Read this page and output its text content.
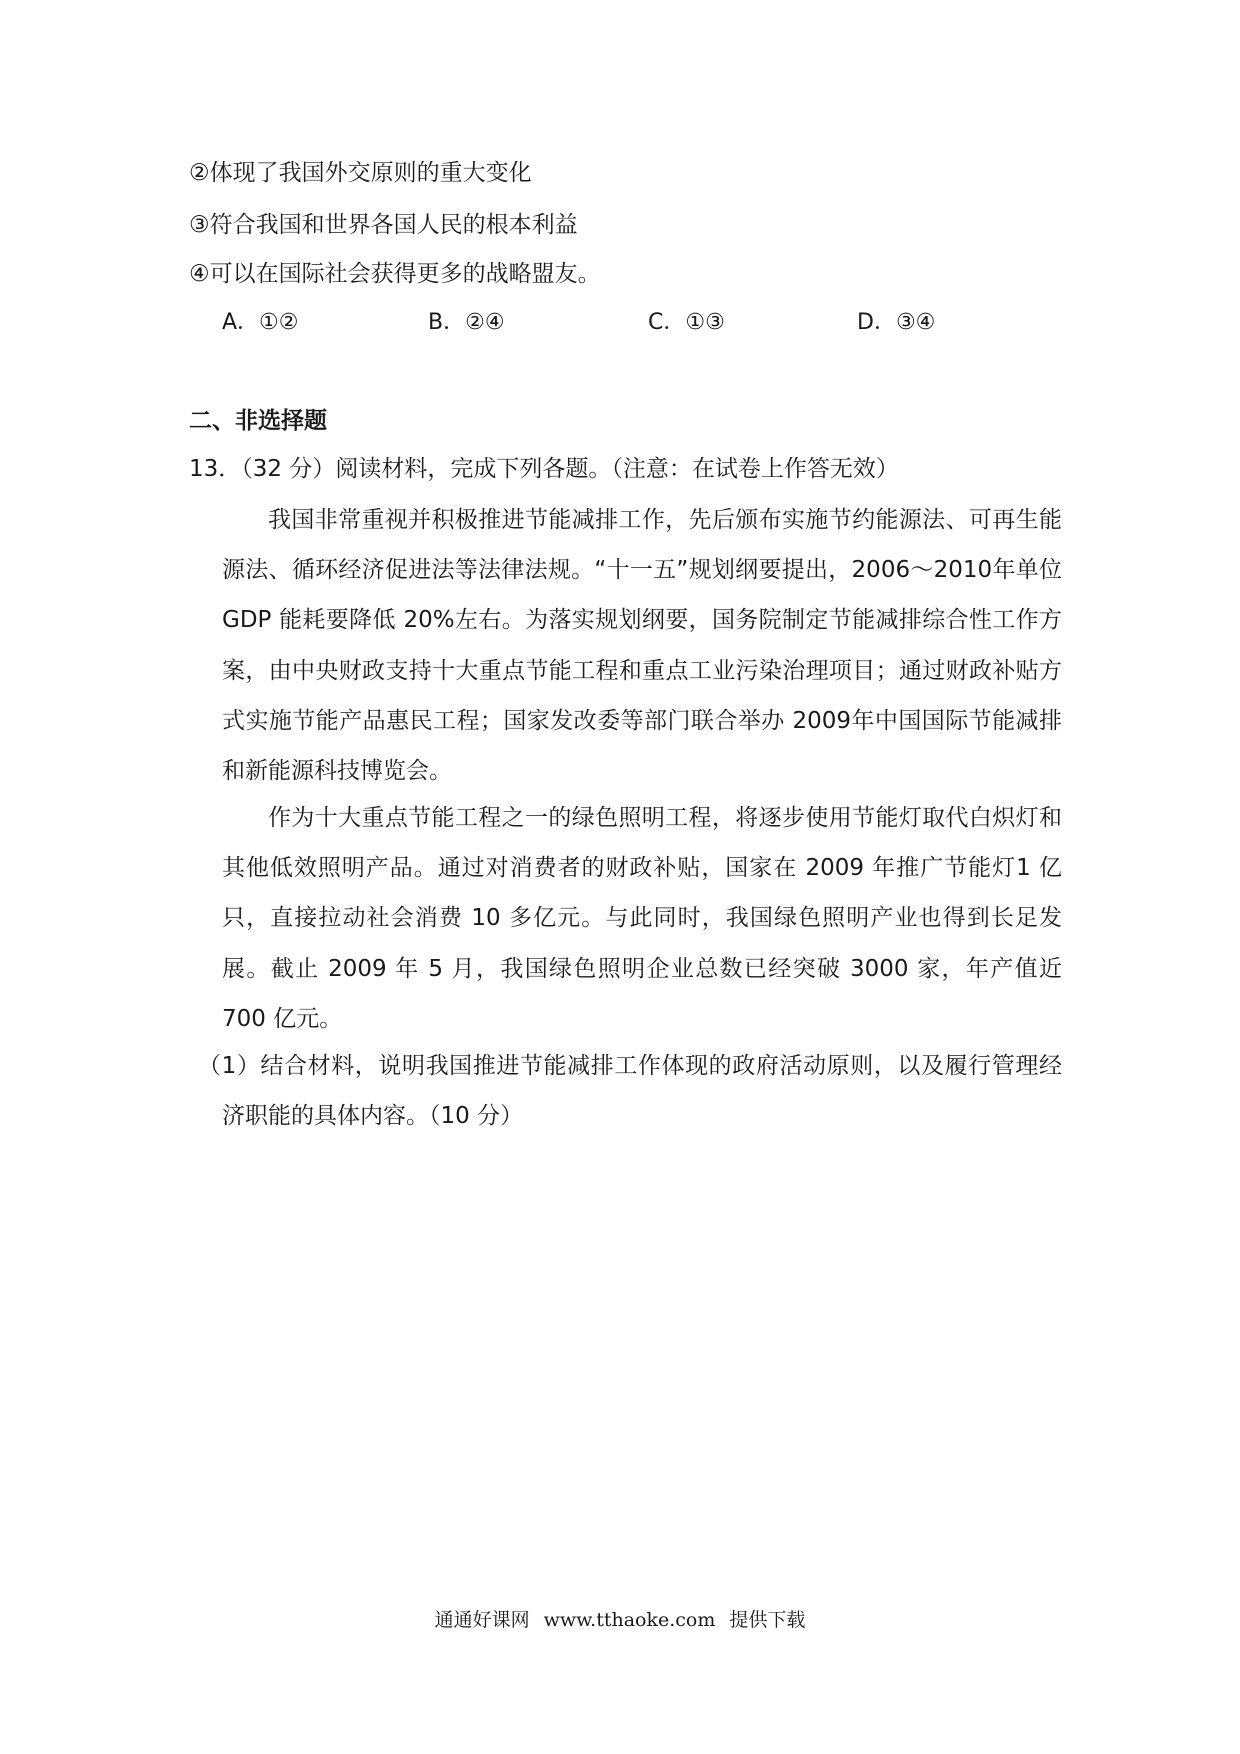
②体现了我国外交原则的重大变化
③符合我国和世界各国人民的根本利益
④可以在国际社会获得更多的战略盟友。
A．①②	B．②④	C．①③	D．③④
二、非选择题
13．（32 分）阅读材料，完成下列各题。（注意：在试卷上作答无效）
我国非常重视并积极推进节能减排工作，先后颁布实施节约能源法、可再生能源法、循环经济促进法等法律法规。“十一五”规划纲要提出，2006～2010年单位 GDP 能耗要降低 20%左右。为落实规划纲要，国务院制定节能减排综合性工作方案，由中央财政支持十大重点节能工程和重点工业污染治理项目；通过财政补贴方式实施节能产品惠民工程；国家发改委等部门联合举办 2009年中国国际节能减排和新能源科技博览会。
作为十大重点节能工程之一的绿色照明工程，将逐步使用节能灯取代白炽灯和其他低效照明产品。通过对消费者的财政补贴，国家在 2009 年推广节能灯1 亿只，直接拉动社会消费 10 多亿元。与此同时，我国绿色照明产业也得到长足发展。截止 2009 年 5 月，我国绿色照明企业总数已经突破 3000 家，年产值近 700 亿元。
（1）结合材料，说明我国推进节能减排工作体现的政府活动原则，以及履行管理经济职能的具体内容。（10 分）
通通好课网 www.tthaoke.com 提供下载
